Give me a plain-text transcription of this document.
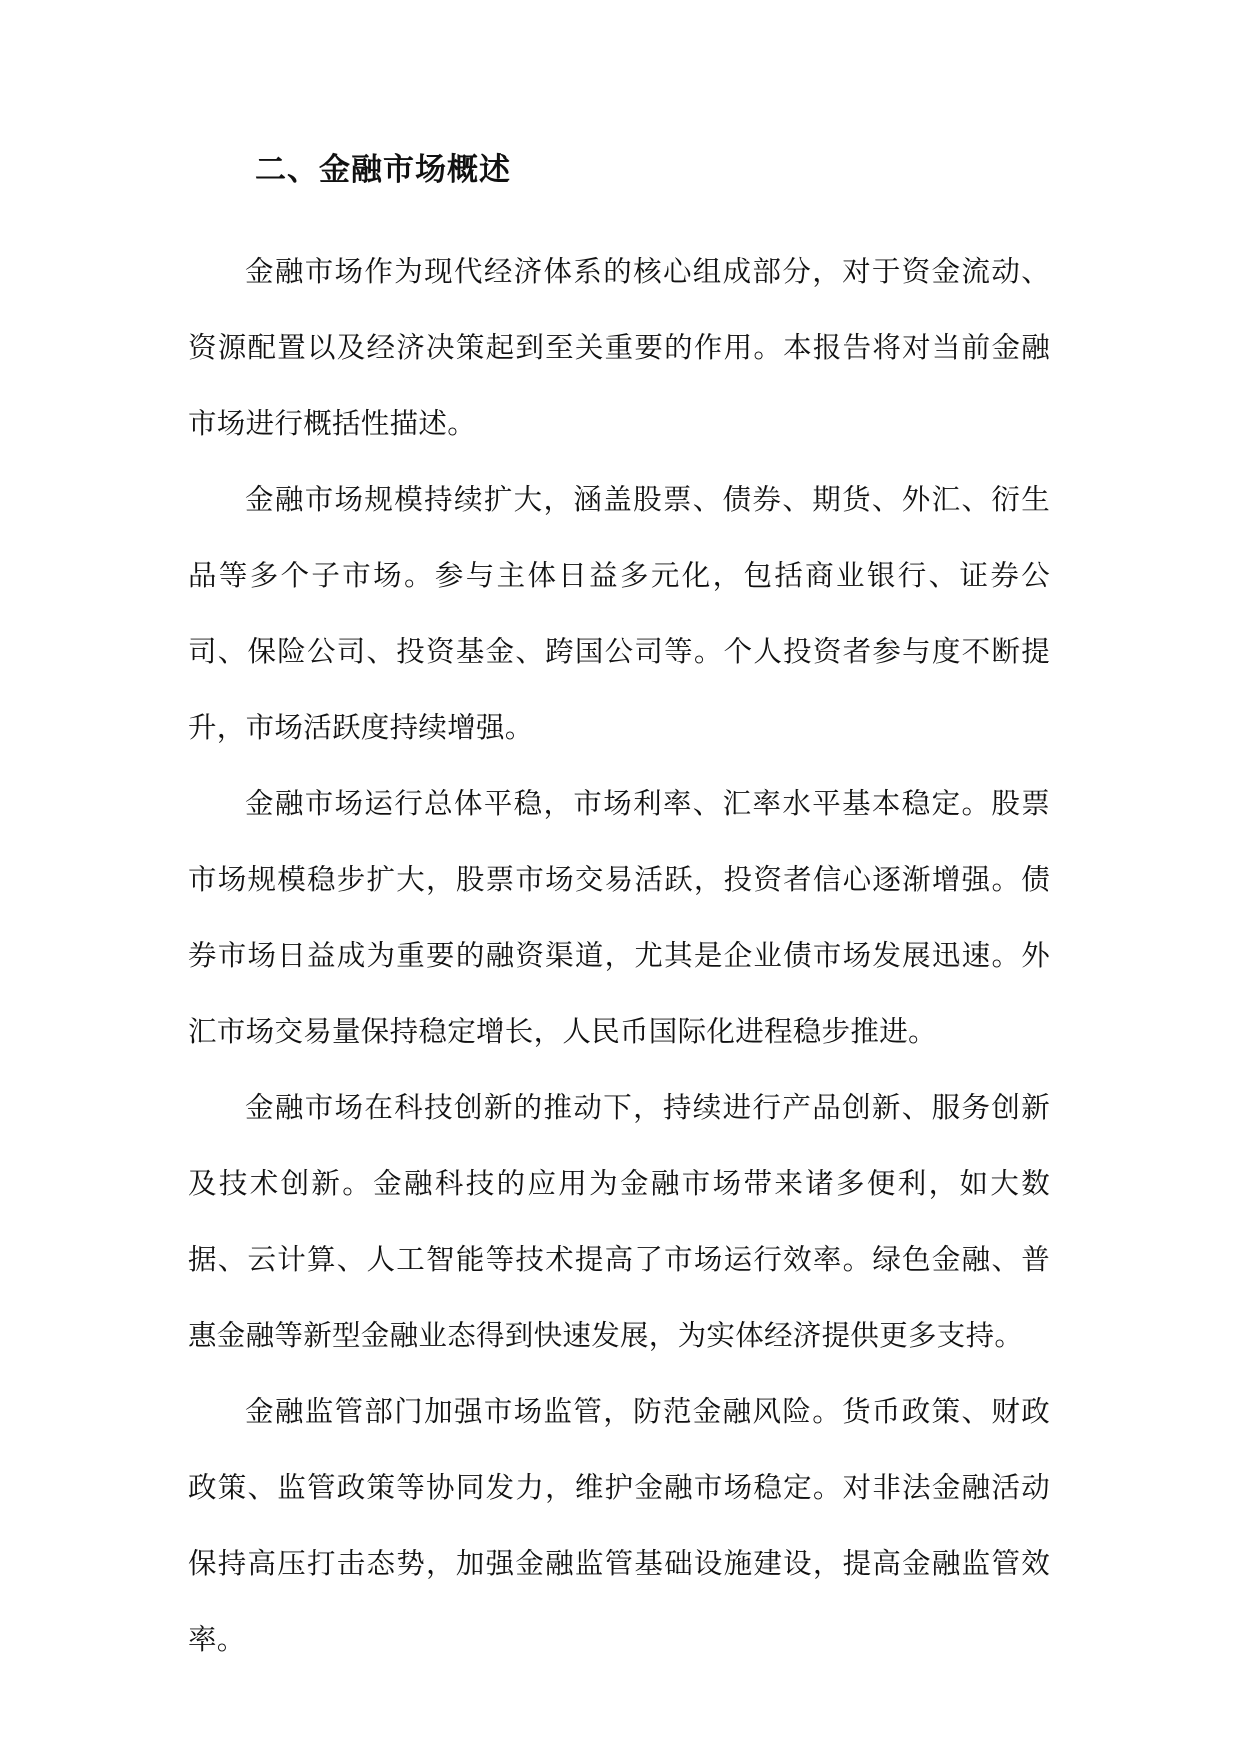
二、金融市场概述

金融市场作为现代经济体系的核心组成部分，对于资金流动、资源配置以及经济决策起到至关重要的作用。本报告将对当前金融市场进行概括性描述。

金融市场规模持续扩大，涵盖股票、债券、期货、外汇、衍生品等多个子市场。参与主体日益多元化，包括商业银行、证券公司、保险公司、投资基金、跨国公司等。个人投资者参与度不断提升，市场活跃度持续增强。

金融市场运行总体平稳，市场利率、汇率水平基本稳定。股票市场规模稳步扩大，股票市场交易活跃，投资者信心逐渐增强。债券市场日益成为重要的融资渠道，尤其是企业债市场发展迅速。外汇市场交易量保持稳定增长，人民币国际化进程稳步推进。

金融市场在科技创新的推动下，持续进行产品创新、服务创新及技术创新。金融科技的应用为金融市场带来诸多便利，如大数据、云计算、人工智能等技术提高了市场运行效率。绿色金融、普惠金融等新型金融业态得到快速发展，为实体经济提供更多支持。

金融监管部门加强市场监管，防范金融风险。货币政策、财政政策、监管政策等协同发力，维护金融市场稳定。对非法金融活动保持高压打击态势，加强金融监管基础设施建设，提高金融监管效率。
